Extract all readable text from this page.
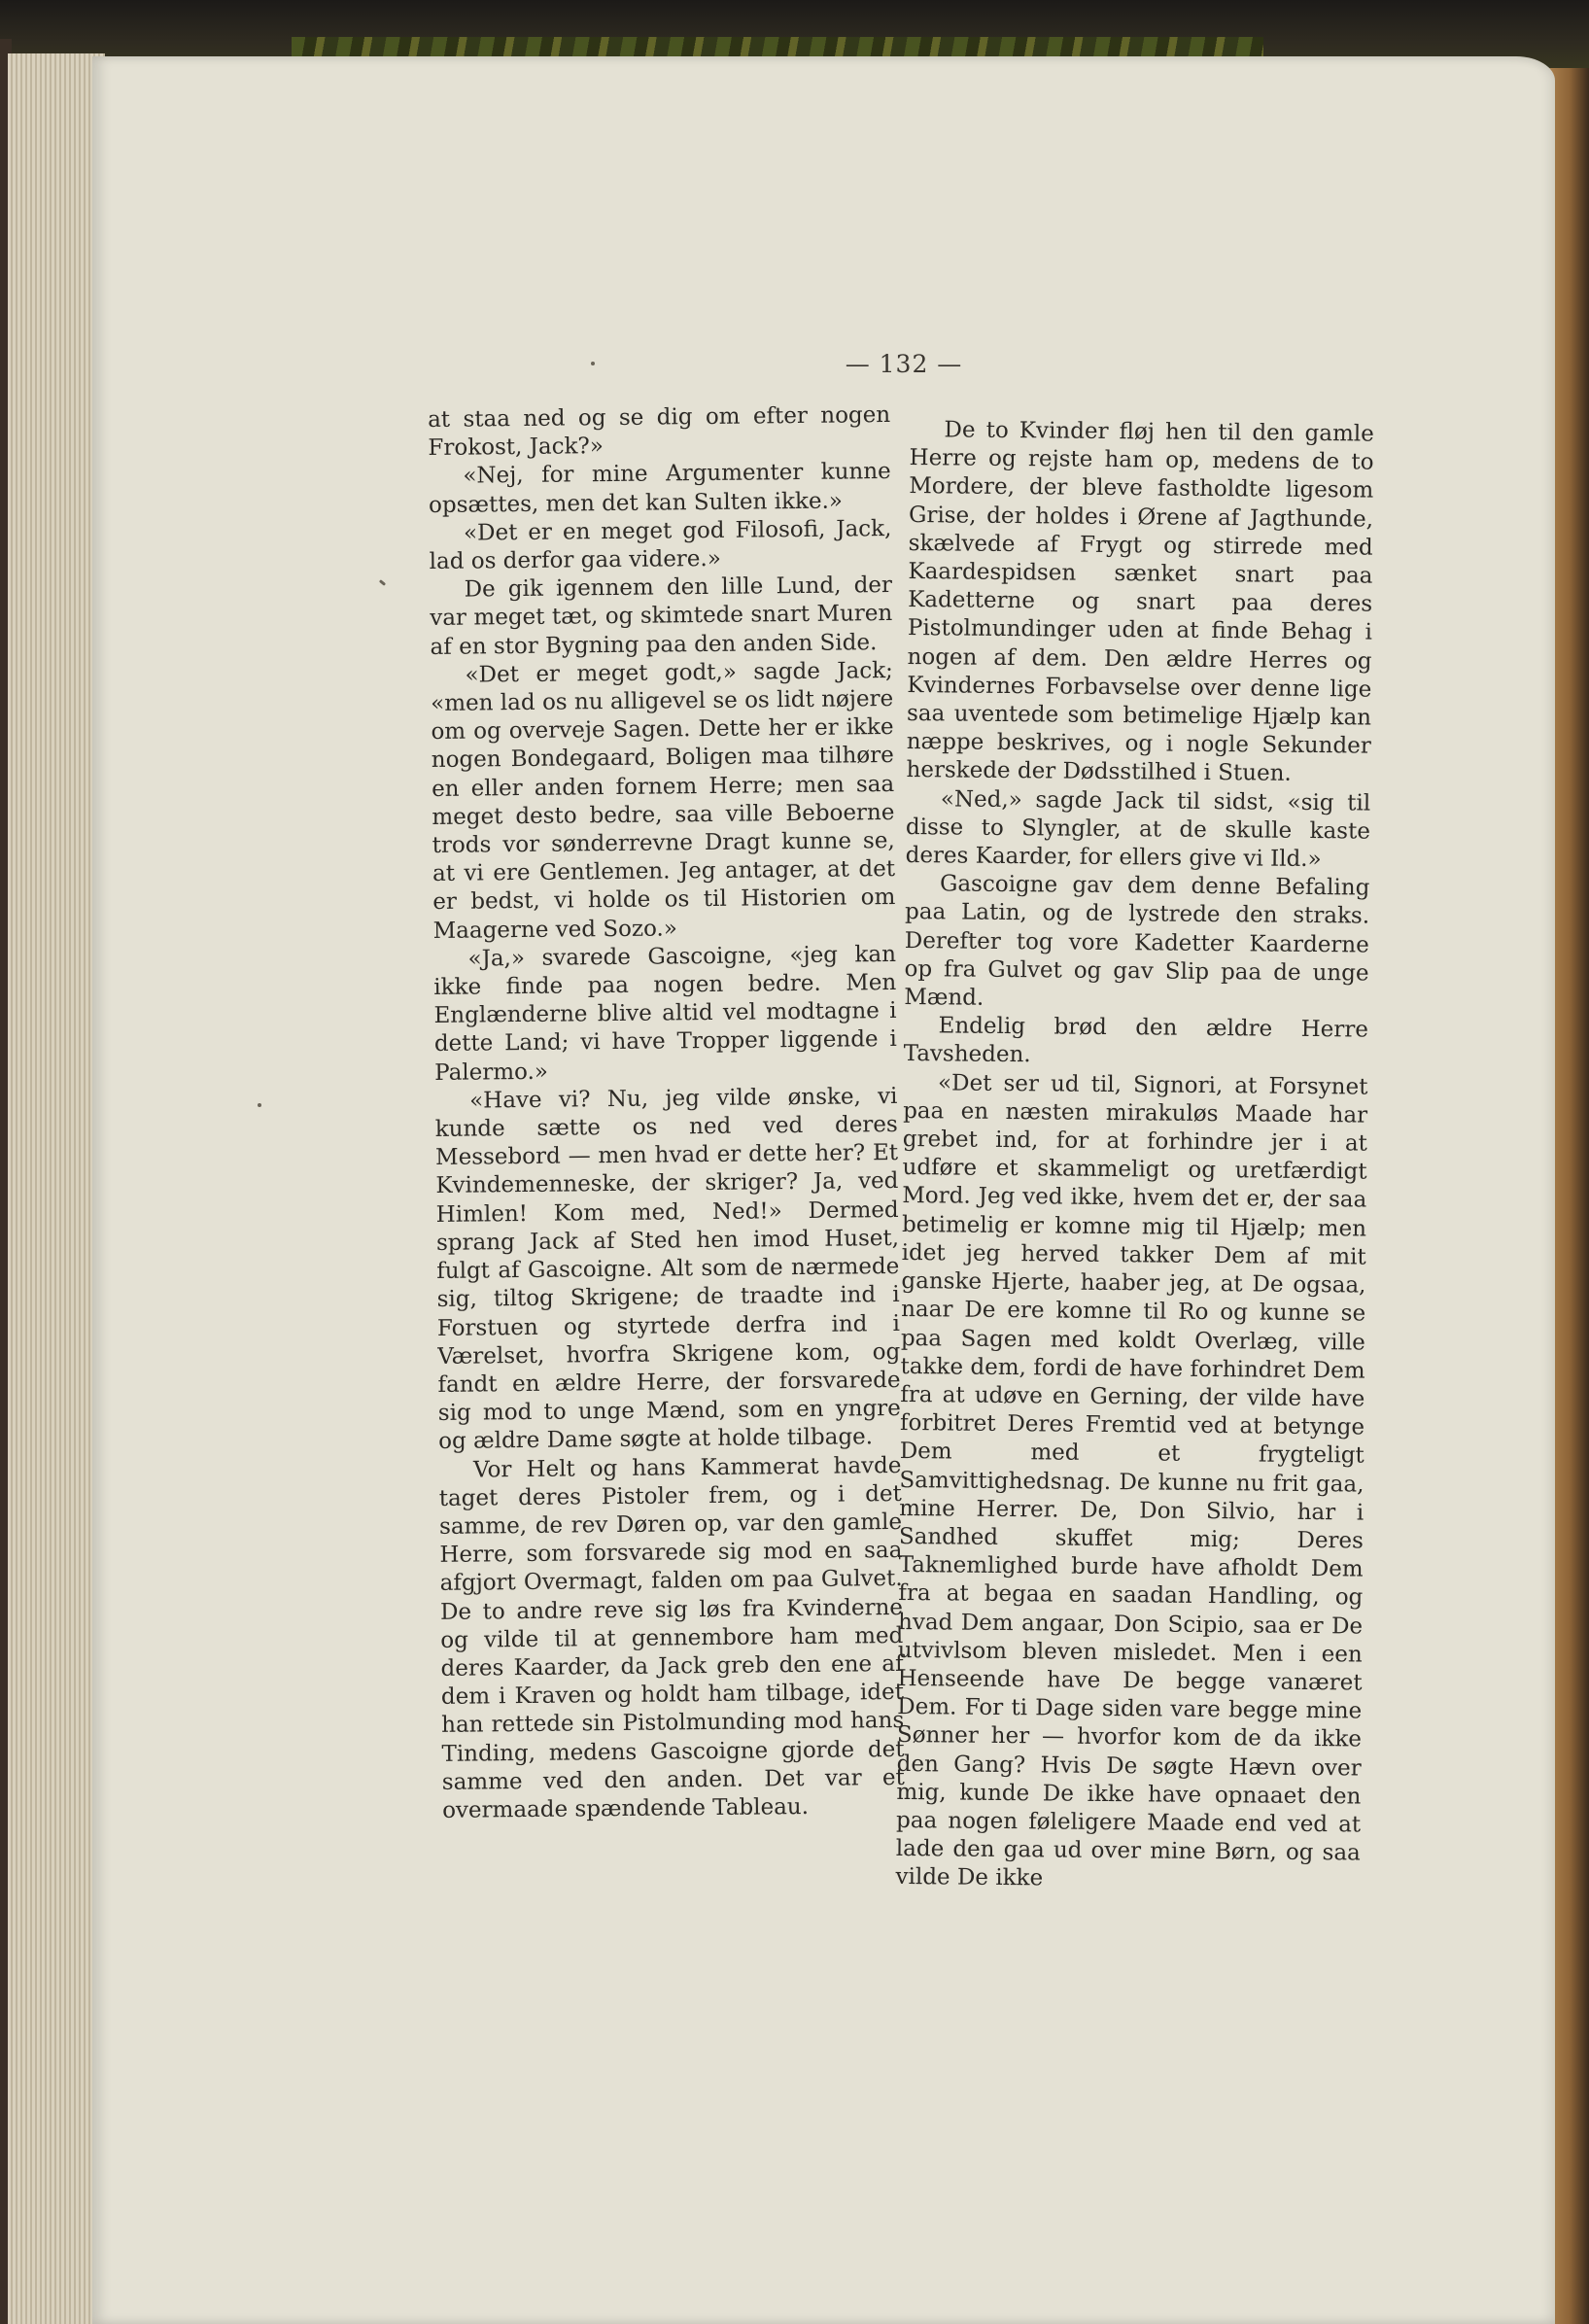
— 132 —

at staa ned og se dig om efter nogen Frokost, Jack?»

«Nej, for mine Argumenter kunne opsættes, men det kan Sulten ikke.»

«Det er en meget god Filosofi, Jack, lad os derfor gaa videre.»

De gik igennem den lille Lund, der var meget tæt, og skimtede snart Muren af en stor Bygning paa den anden Side.

«Det er meget godt,» sagde Jack; «men lad os nu alligevel se os lidt nøjere om og overveje Sagen. Dette her er ikke nogen Bondegaard, Boligen maa tilhøre en eller anden fornem Herre; men saa meget desto bedre, saa ville Beboerne trods vor sønderrevne Dragt kunne se, at vi ere Gentlemen. Jeg antager, at det er bedst, vi holde os til Historien om Maagerne ved Sozo.»

«Ja,» svarede Gascoigne, «jeg kan ikke finde paa nogen bedre. Men Englænderne blive altid vel modtagne i dette Land; vi have Tropper liggende i Palermo.»

«Have vi? Nu, jeg vilde ønske, vi kunde sætte os ned ved deres Messebord — men hvad er dette her? Et Kvindemenneske, der skriger? Ja, ved Himlen! Kom med, Ned!» Dermed sprang Jack af Sted hen imod Huset, fulgt af Gascoigne. Alt som de nærmede sig, tiltog Skrigene; de traadte ind i Forstuen og styrtede derfra ind i Værelset, hvorfra Skrigene kom, og fandt en ældre Herre, der forsvarede sig mod to unge Mænd, som en yngre og ældre Dame søgte at holde tilbage.

Vor Helt og hans Kammerat havde taget deres Pistoler frem, og i det samme, de rev Døren op, var den gamle Herre, som forsvarede sig mod en saa afgjort Overmagt, falden om paa Gulvet. De to andre reve sig løs fra Kvinderne og vilde til at gennembore ham med deres Kaarder, da Jack greb den ene af dem i Kraven og holdt ham tilbage, idet han rettede sin Pistolmunding mod hans Tinding, medens Gascoigne gjorde det samme ved den anden. Det var et overmaade spændende Tableau.

De to Kvinder fløj hen til den gamle Herre og rejste ham op, medens de to Mordere, der bleve fastholdte ligesom Grise, der holdes i Ørene af Jagthunde, skælvede af Frygt og stirrede med Kaardespidsen sænket snart paa Kadetterne og snart paa deres Pistolmundinger uden at finde Behag i nogen af dem. Den ældre Herres og Kvindernes Forbavselse over denne lige saa uventede som betimelige Hjælp kan næppe beskrives, og i nogle Sekunder herskede der Dødsstilhed i Stuen.

«Ned,» sagde Jack til sidst, «sig til disse to Slyngler, at de skulle kaste deres Kaarder, for ellers give vi Ild.»

Gascoigne gav dem denne Befaling paa Latin, og de lystrede den straks. Derefter tog vore Kadetter Kaarderne op fra Gulvet og gav Slip paa de unge Mænd.

Endelig brød den ældre Herre Tavsheden.

«Det ser ud til, Signori, at Forsynet paa en næsten mirakuløs Maade har grebet ind, for at forhindre jer i at udføre et skammeligt og uretfærdigt Mord. Jeg ved ikke, hvem det er, der saa betimelig er komne mig til Hjælp; men idet jeg herved takker Dem af mit ganske Hjerte, haaber jeg, at De ogsaa, naar De ere komne til Ro og kunne se paa Sagen med koldt Overlæg, ville takke dem, fordi de have forhindret Dem fra at udøve en Gerning, der vilde have forbitret Deres Fremtid ved at betynge Dem med et frygteligt Samvittighedsnag. De kunne nu frit gaa, mine Herrer. De, Don Silvio, har i Sandhed skuffet mig; Deres Taknemlighed burde have afholdt Dem fra at begaa en saadan Handling, og hvad Dem angaar, Don Scipio, saa er De utvivlsom bleven misledet. Men i een Henseende have De begge vanæret Dem. For ti Dage siden vare begge mine Sønner her — hvorfor kom de da ikke den Gang? Hvis De søgte Hævn over mig, kunde De ikke have opnaaet den paa nogen føleligere Maade end ved at lade den gaa ud over mine Børn, og saa vilde De ikke
